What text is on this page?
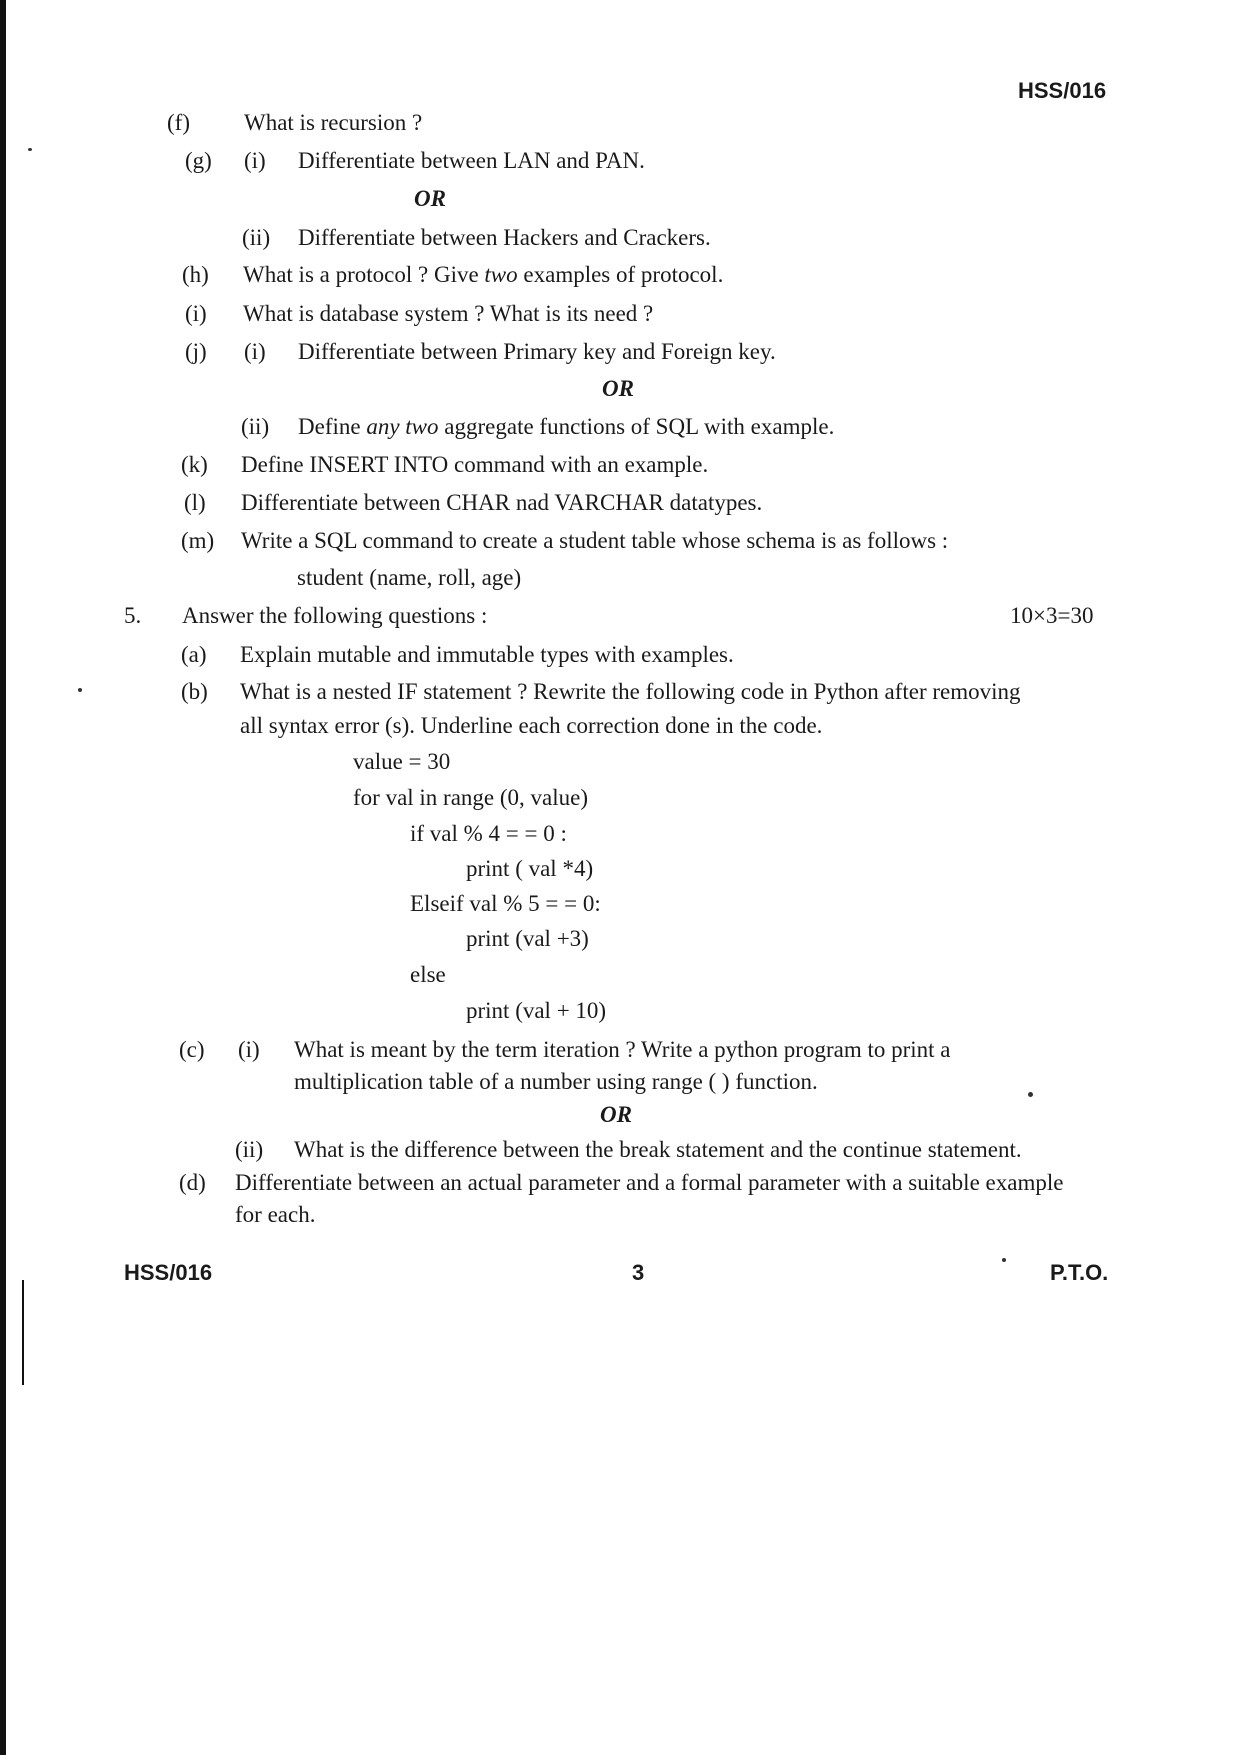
HSS/016
(f) What is recursion ?
(g) (i) Differentiate between LAN and PAN.
OR
(ii) Differentiate between Hackers and Crackers.
(h) What is a protocol ? Give two examples of protocol.
(i) What is database system ? What is its need ?
(j) (i) Differentiate between Primary key and Foreign key.
OR
(ii) Define any two aggregate functions of SQL with example.
(k) Define INSERT INTO command with an example.
(l) Differentiate between CHAR nad VARCHAR datatypes.
(m) Write a SQL command to create a student table whose schema is as follows :
student (name, roll, age)
5. Answer the following questions :	10×3=30
(a) Explain mutable and immutable types with examples.
(b) What is a nested IF statement ? Rewrite the following code in Python after removing
all syntax error (s). Underline each correction done in the code.
value = 30
for val in range (0, value)
if val % 4 = = 0 :
print ( val *4)
Elseif val % 5 = = 0:
print (val +3)
else
print (val + 10)
(c) (i) What is meant by the term iteration ? Write a python program to print a
multiplication table of a number using range ( ) function.
OR
(ii) What is the difference between the break statement and the continue statement.
(d) Differentiate between an actual parameter and a formal parameter with a suitable example
for each.
HSS/016	3	P.T.O.
